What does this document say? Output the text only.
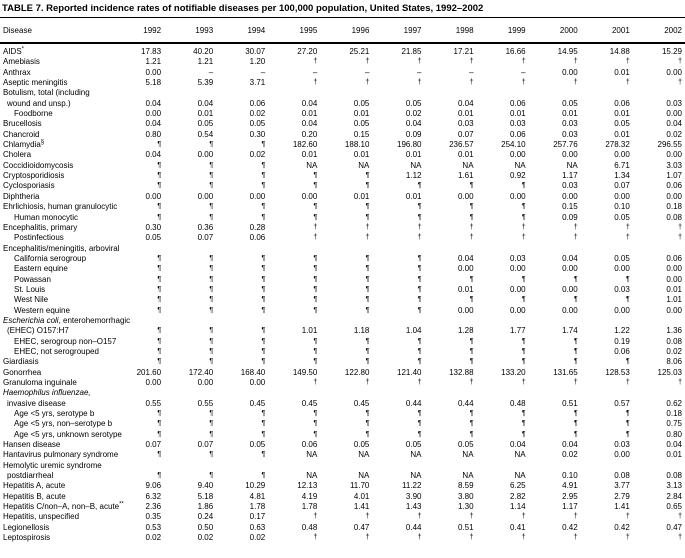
TABLE 7. Reported incidence rates of notifiable diseases per 100,000 population, United States, 1992–2002
Disease	1992	1993	1994	1995	1996	1997	1998	1999	2000	2001	2002
AIDS*	17.83	40.20	30.07	27.20	25.21	21.85	17.21	16.66	14.95	14.88	15.29
Amebiasis	1.21	1.21	1.20	†	†	†	†	†	†	†	†
Anthrax	0.00	–	–	–	–	–	–	–	0.00	0.01	0.00
Aseptic meningitis	5.18	5.39	3.71	†	†	†	†	†	†	†	†
Botulism, total (including											
wound and unsp.)	0.04	0.04	0.06	0.04	0.05	0.05	0.04	0.06	0.05	0.06	0.03
Foodborne	0.00	0.01	0.02	0.01	0.01	0.02	0.01	0.01	0.01	0.01	0.00
Brucellosis	0.04	0.05	0.05	0.04	0.05	0.04	0.03	0.03	0.03	0.05	0.04
Chancroid	0.80	0.54	0.30	0.20	0.15	0.09	0.07	0.06	0.03	0.01	0.02
Chlamydia§	¶	¶	¶	182.60	188.10	196.80	236.57	254.10	257.76	278.32	296.55
Cholera	0.04	0.00	0.02	0.01	0.01	0.01	0.01	0.00	0.00	0.00	0.00
Coccidioidomycosis	¶	¶	¶	NA	NA	NA	NA	NA	NA	6.71	3.03
Cryptosporidiosis	¶	¶	¶	¶	¶	1.12	1.61	0.92	1.17	1.34	1.07
Cyclosporiasis	¶	¶	¶	¶	¶	¶	¶	¶	0.03	0.07	0.06
Diphtheria	0.00	0.00	0.00	0.00	0.01	0.01	0.00	0.00	0.00	0.00	0.00
Ehrlichiosis, human granulocytic	¶	¶	¶	¶	¶	¶	¶	¶	0.15	0.10	0.18
Human monocytic	¶	¶	¶	¶	¶	¶	¶	¶	0.09	0.05	0.08
Encephalitis, primary	0.30	0.36	0.28	†	†	†	†	†	†	†	†
Postinfectious	0.05	0.07	0.06	†	†	†	†	†	†	†	†
Encephalitis/meningitis, arboviral											
California serogroup	¶	¶	¶	¶	¶	¶	0.04	0.03	0.04	0.05	0.06
Eastern equine	¶	¶	¶	¶	¶	¶	0.00	0.00	0.00	0.00	0.00
Powassan	¶	¶	¶	¶	¶	¶	¶	¶	¶	¶	0.00
St. Louis	¶	¶	¶	¶	¶	¶	0.01	0.00	0.00	0.03	0.01
West Nile	¶	¶	¶	¶	¶	¶	¶	¶	¶	¶	1.01
Western equine	¶	¶	¶	¶	¶	¶	0.00	0.00	0.00	0.00	0.00
Escherichia coli, enterohemorrhagic											
(EHEC) O157:H7	¶	¶	¶	1.01	1.18	1.04	1.28	1.77	1.74	1.22	1.36
EHEC, serogroup non–O157	¶	¶	¶	¶	¶	¶	¶	¶	¶	0.19	0.08
EHEC, not serogrouped	¶	¶	¶	¶	¶	¶	¶	¶	¶	0.06	0.02
Giardiasis	¶	¶	¶	¶	¶	¶	¶	¶	¶	¶	8.06
Gonorrhea	201.60	172.40	168.40	149.50	122.80	121.40	132.88	133.20	131.65	128.53	125.03
Granuloma inguinale	0.00	0.00	0.00	†	†	†	†	†	†	†	†
Haemophilus influenzae,											
invasive disease	0.55	0.55	0.45	0.45	0.45	0.44	0.44	0.48	0.51	0.57	0.62
Age <5 yrs, serotype b	¶	¶	¶	¶	¶	¶	¶	¶	¶	¶	0.18
Age <5 yrs, non–serotype b	¶	¶	¶	¶	¶	¶	¶	¶	¶	¶	0.75
Age <5 yrs, unknown serotype	¶	¶	¶	¶	¶	¶	¶	¶	¶	¶	0.80
Hansen disease	0.07	0.07	0.05	0.06	0.05	0.05	0.05	0.04	0.04	0.03	0.04
Hantavirus pulmonary syndrome	¶	¶	¶	NA	NA	NA	NA	NA	0.02	0.00	0.01
Hemolytic uremic syndrome											
postdiarrheal	¶	¶	¶	NA	NA	NA	NA	NA	0.10	0.08	0.08
Hepatitis A, acute	9.06	9.40	10.29	12.13	11.70	11.22	8.59	6.25	4.91	3.77	3.13
Hepatitis B, acute	6.32	5.18	4.81	4.19	4.01	3.90	3.80	2.82	2.95	2.79	2.84
Hepatitis C/non–A, non–B, acute**	2.36	1.86	1.78	1.78	1.41	1.43	1.30	1.14	1.17	1.41	0.65
Hepatitis, unspecified	0.35	0.24	0.17	†	†	†	†	†	†	†	†
Legionellosis	0.53	0.50	0.63	0.48	0.47	0.44	0.51	0.41	0.42	0.42	0.47
Leptospirosis	0.02	0.02	0.02	†	†	†	†	†	†	†	†
